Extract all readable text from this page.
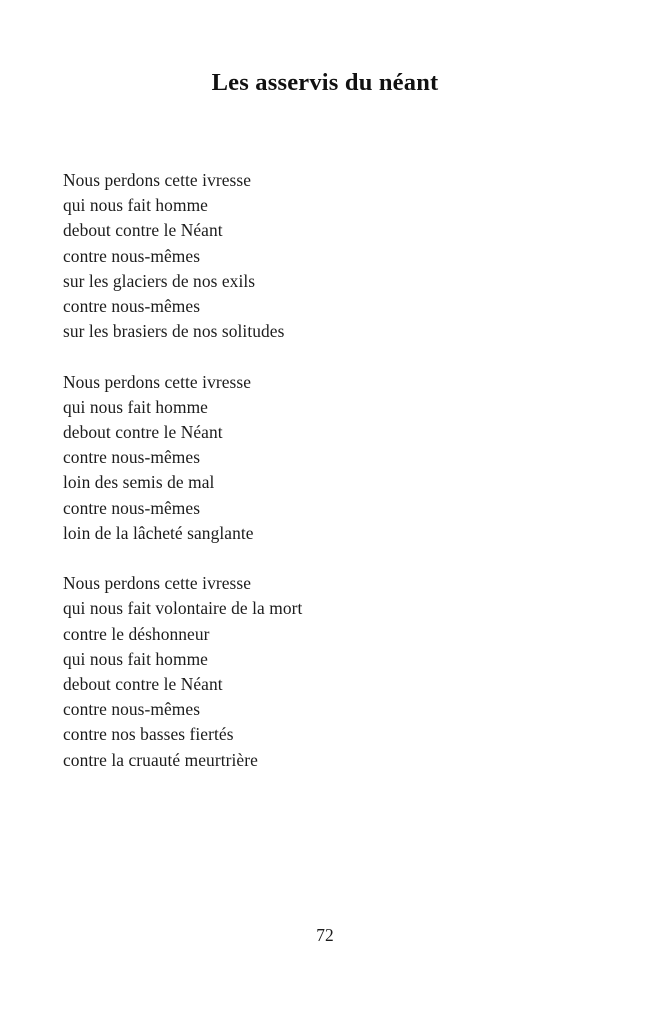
Les asservis du néant
Nous perdons cette ivresse
qui nous fait homme
debout contre le Néant
contre nous-mêmes
sur les glaciers de nos exils
contre nous-mêmes
sur les brasiers de nos solitudes
Nous perdons cette ivresse
qui nous fait homme
debout contre le Néant
contre nous-mêmes
loin des semis de mal
contre nous-mêmes
loin de la lâcheté sanglante
Nous perdons cette ivresse
qui nous fait volontaire de la mort
contre le déshonneur
qui nous fait homme
debout contre le Néant
contre nous-mêmes
contre nos basses fiertés
contre la cruauté meurtrière
72
